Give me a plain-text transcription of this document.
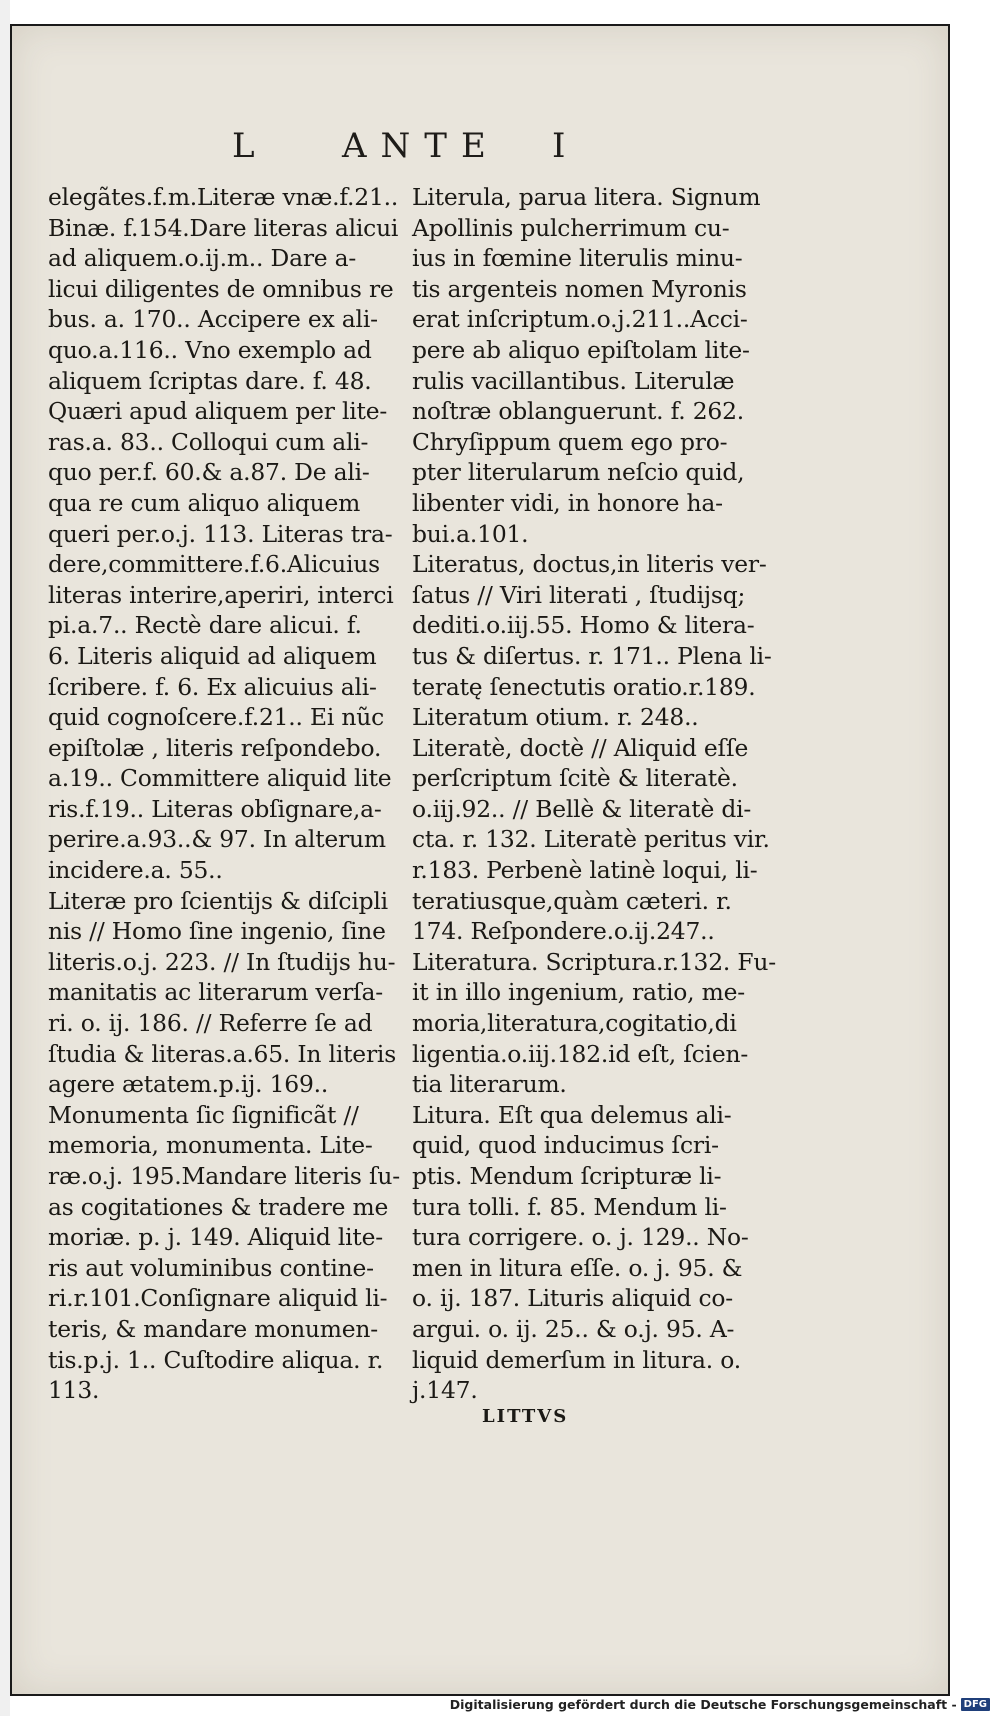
L ANTE I
elegãtes.f.m.Literæ vnæ.f.21..
Binæ. f.154.Dare literas alicui
ad aliquem.o.ij.m.. Dare a-
licui diligentes de omnibus re
bus. a. 170.. Accipere ex ali-
quo.a.116.. Vno exemplo ad
aliquem ſcriptas dare. f. 48.
Quæri apud aliquem per lite-
ras.a. 83.. Colloqui cum ali-
quo per.f. 60.& a.87. De ali-
qua re cum aliquo aliquem
queri per.o.j. 113. Literas tra-
dere,committere.f.6.Alicuius
literas interire,aperiri, interci
pi.a.7.. Rectè dare alicui. f.
6. Literis aliquid ad aliquem
ſcribere. f. 6. Ex alicuius ali-
quid cognoſcere.f.21.. Ei nũc
epiſtolæ , literis reſpondebo.
a.19.. Committere aliquid lite
ris.f.19.. Literas obſignare,a-
perire.a.93..& 97. In alterum
incidere.a. 55..
Literæ pro ſcientijs & diſcipli
nis // Homo ſine ingenio, ſine
literis.o.j. 223. // In ſtudijs hu-
manitatis ac literarum verſa-
ri. o. ij. 186. // Referre ſe ad
ſtudia & literas.a.65. In literis
agere ætatem.p.ij. 169..
Monumenta ſic ſignificãt //
memoria, monumenta. Lite-
ræ.o.j. 195.Mandare literis ſu-
as cogitationes & tradere me
moriæ. p. j. 149. Aliquid lite-
ris aut voluminibus contine-
ri.r.101.Conſignare aliquid li-
teris, & mandare monumen-
tis.p.j. 1.. Cuſtodire aliqua. r.
113.
Literula, parua litera. Signum
Apollinis pulcherrimum cu-
ius in fœmine literulis minu-
tis argenteis nomen Myronis
erat inſcriptum.o.j.211..Acci-
pere ab aliquo epiſtolam lite-
rulis vacillantibus. Literulæ
noſtræ oblanguerunt. f. 262.
Chryſippum quem ego pro-
pter literularum neſcio quid,
libenter vidi, in honore ha-
bui.a.101.
Literatus, doctus,in literis ver-
ſatus // Viri literati , ſtudijsq;
dediti.o.iij.55. Homo & litera-
tus & diſertus. r. 171.. Plena li-
teratę ſenectutis oratio.r.189.
Literatum otium. r. 248..
Literatè, doctè // Aliquid eſſe
perſcriptum ſcitè & literatè.
o.iij.92.. // Bellè & literatè di-
cta. r. 132. Literatè peritus vir.
r.183. Perbenè latinè loqui, li-
teratiusque,quàm cæteri. r.
174. Reſpondere.o.ij.247..
Literatura. Scriptura.r.132. Fu-
it in illo ingenium, ratio, me-
moria,literatura,cogitatio,di
ligentia.o.iij.182.id eſt, ſcien-
tia literarum.
Litura. Eſt qua delemus ali-
quid, quod inducimus ſcri-
ptis. Mendum ſcripturæ li-
tura tolli. f. 85. Mendum li-
tura corrigere. o. j. 129.. No-
men in litura eſſe. o. j. 95. &
o. ij. 187. Lituris aliquid co-
argui. o. ij. 25.. & o.j. 95. A-
liquid demerſum in litura. o.
j.147.
LITTVS
Digitalisierung gefördert durch die Deutsche Forschungsgemeinschaft - DFG
